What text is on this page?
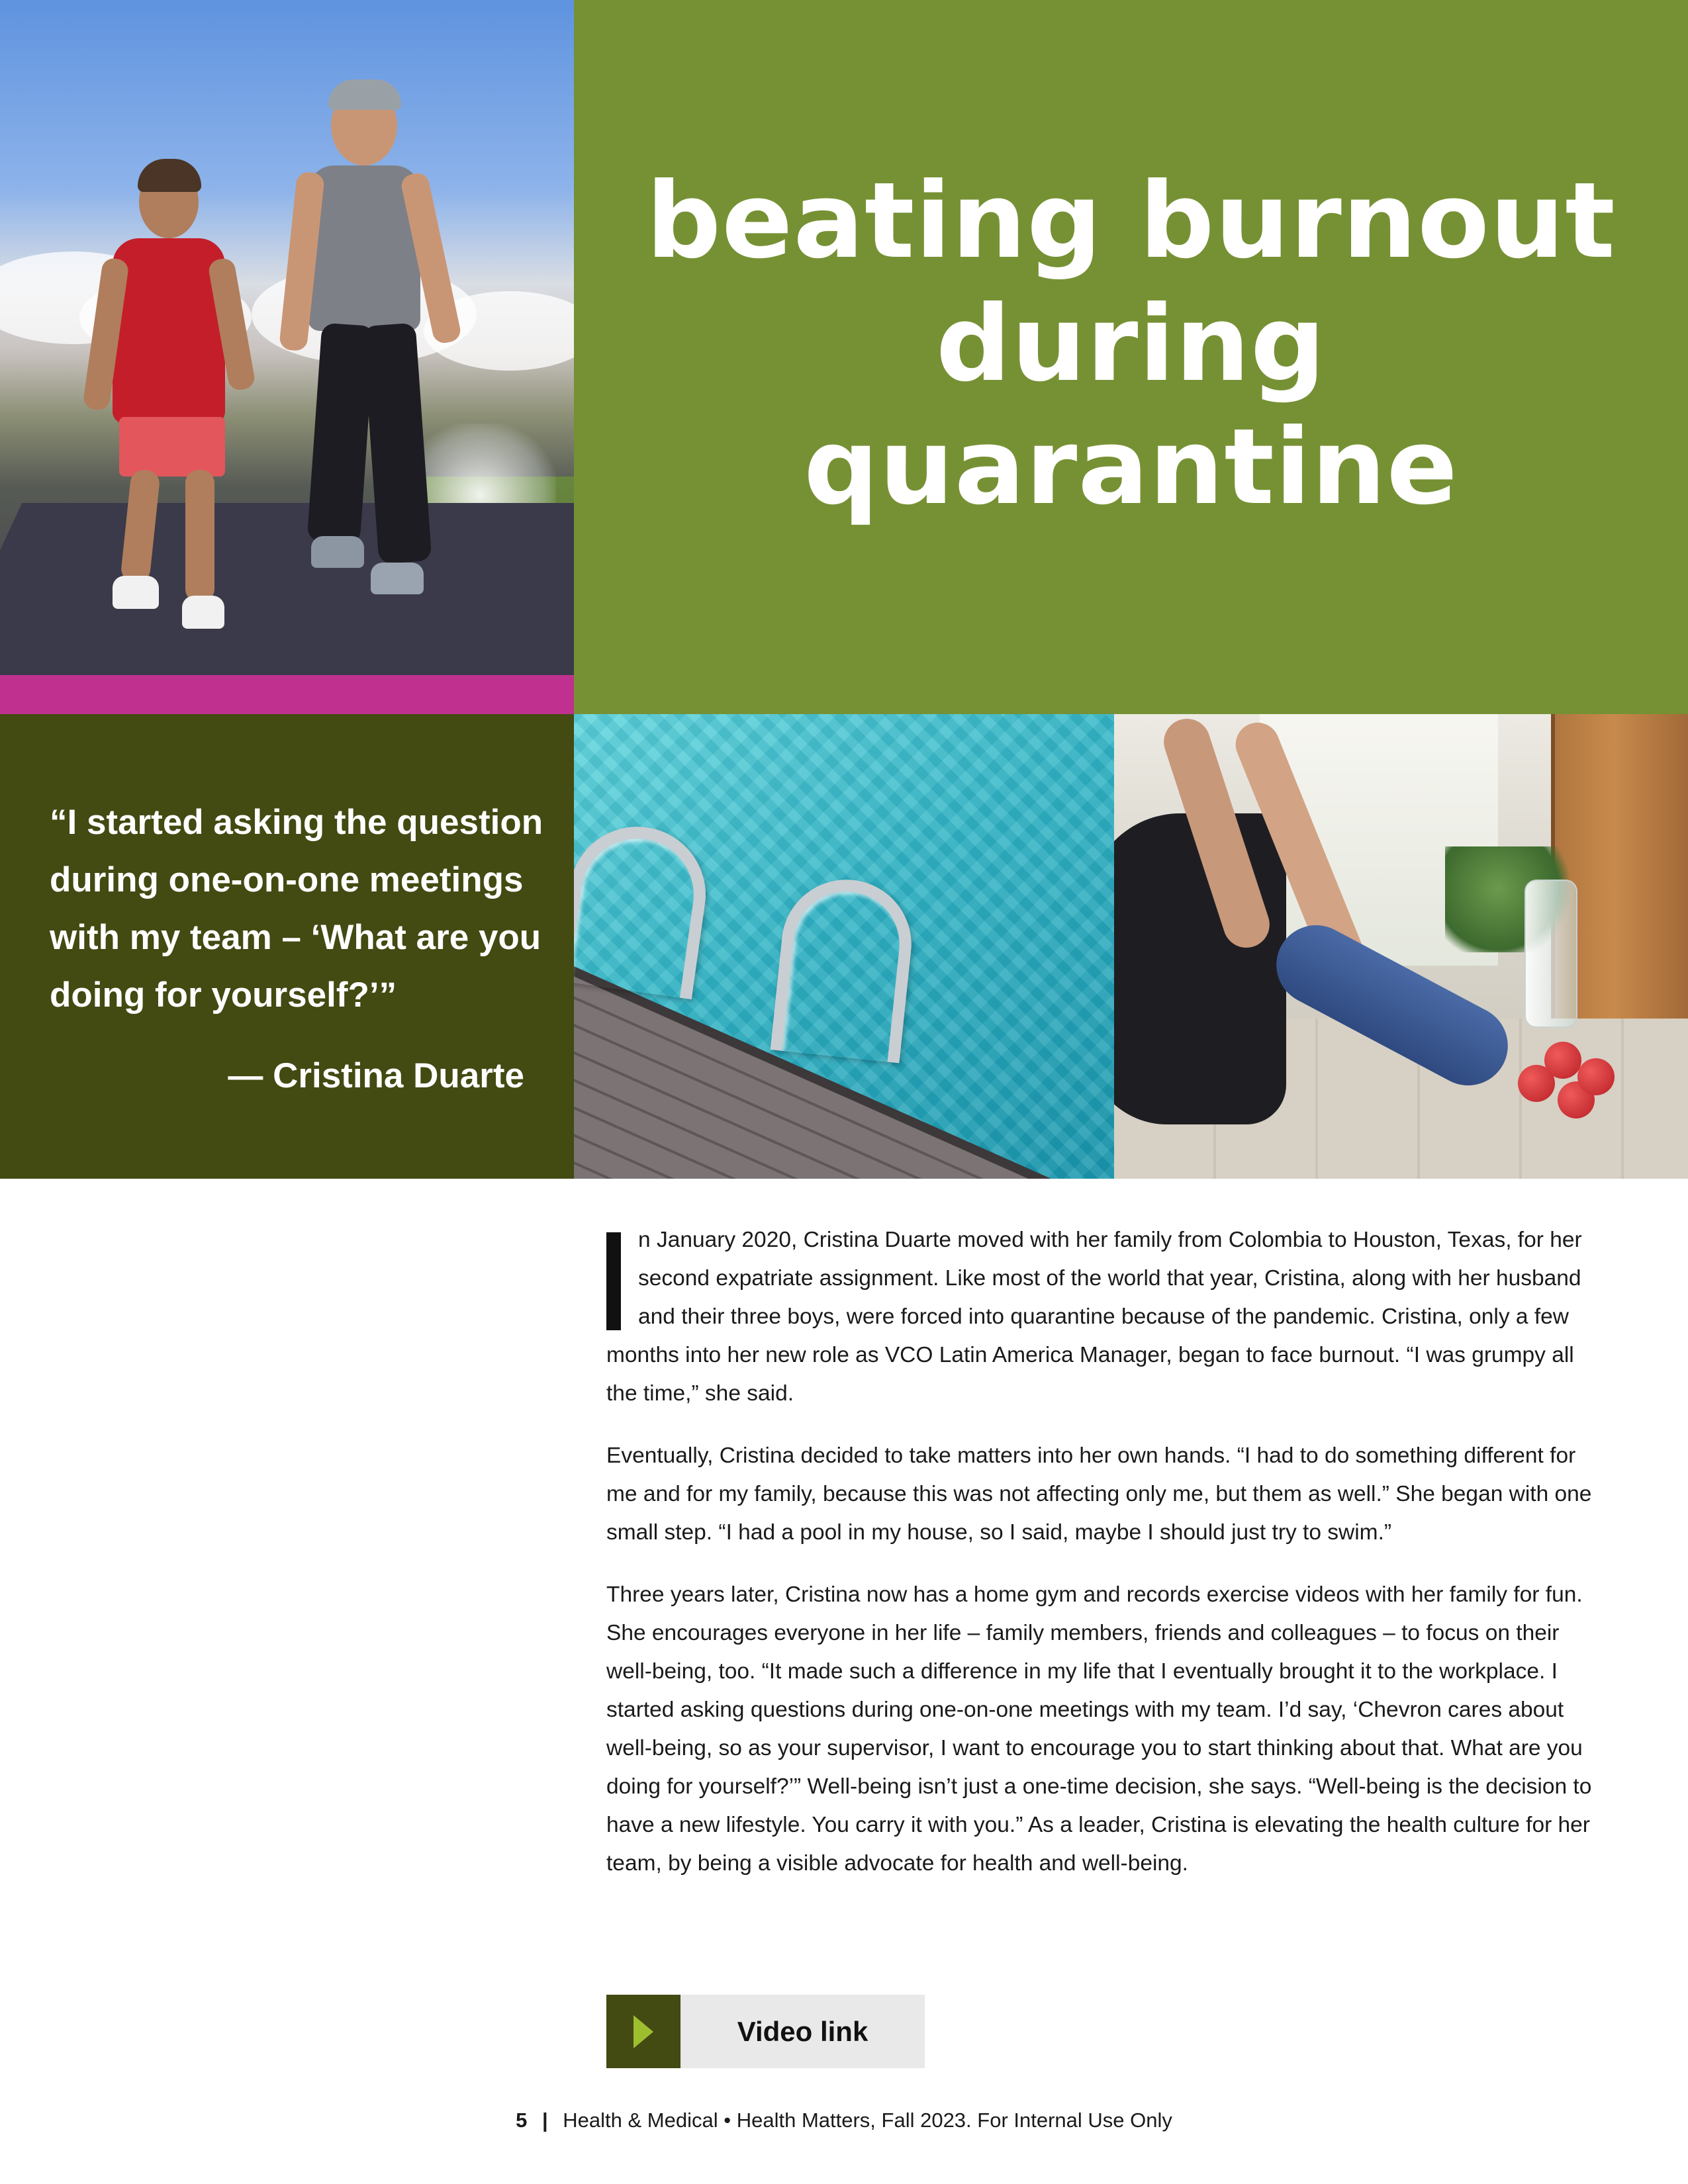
beating burnout during quarantine

“I started asking the question during one-on-one meetings with my team – ‘What are you doing for yourself?’”

— Cristina Duarte

n January 2020, Cristina Duarte moved with her family from Colombia to Houston, Texas, for her second expatriate assignment. Like most of the world that year, Cristina, along with her husband and their three boys, were forced into quarantine because of the pandemic. Cristina, only a few months into her new role as VCO Latin America Manager, began to face burnout. “I was grumpy all the time,” she said.

Eventually, Cristina decided to take matters into her own hands. “I had to do something different for me and for my family, because this was not affecting only me, but them as well.” She began with one small step. “I had a pool in my house, so I said, maybe I should just try to swim.”

Three years later, Cristina now has a home gym and records exercise videos with her family for fun. She encourages everyone in her life – family members, friends and colleagues – to focus on their well-being, too. “It made such a difference in my life that I eventually brought it to the workplace. I started asking questions during one-on-one meetings with my team. I’d say, ‘Chevron cares about well-being, so as your supervisor, I want to encourage you to start thinking about that. What are you doing for yourself?’” Well-being isn’t just a one-time decision, she says. “Well-being is the decision to have a new lifestyle. You carry it with you.” As a leader, Cristina is elevating the health culture for her team, by being a visible advocate for health and well-being.

Video link
5 | Health & Medical • Health Matters, Fall 2023. For Internal Use Only
